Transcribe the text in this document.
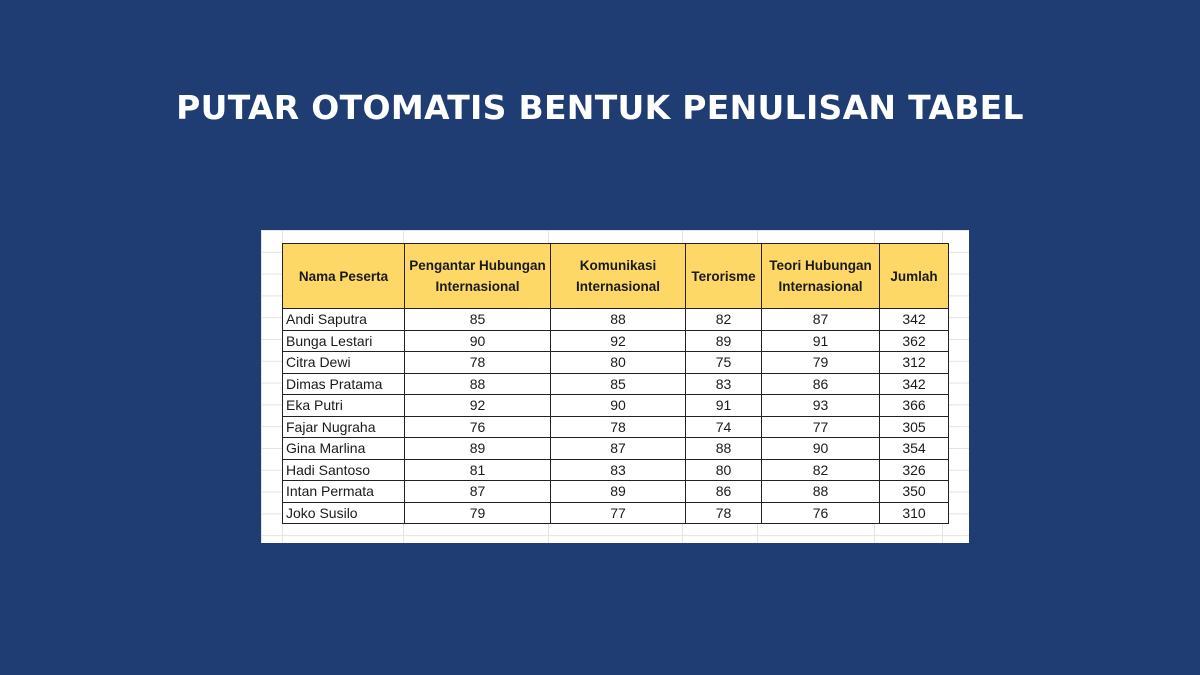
PUTAR OTOMATIS BENTUK PENULISAN TABEL
Nama Peserta	Pengantar Hubungan Internasional	Komunikasi Internasional	Terorisme	Teori Hubungan Internasional	Jumlah
Andi Saputra	85	88	82	87	342
Bunga Lestari	90	92	89	91	362
Citra Dewi	78	80	75	79	312
Dimas Pratama	88	85	83	86	342
Eka Putri	92	90	91	93	366
Fajar Nugraha	76	78	74	77	305
Gina Marlina	89	87	88	90	354
Hadi Santoso	81	83	80	82	326
Intan Permata	87	89	86	88	350
Joko Susilo	79	77	78	76	310
